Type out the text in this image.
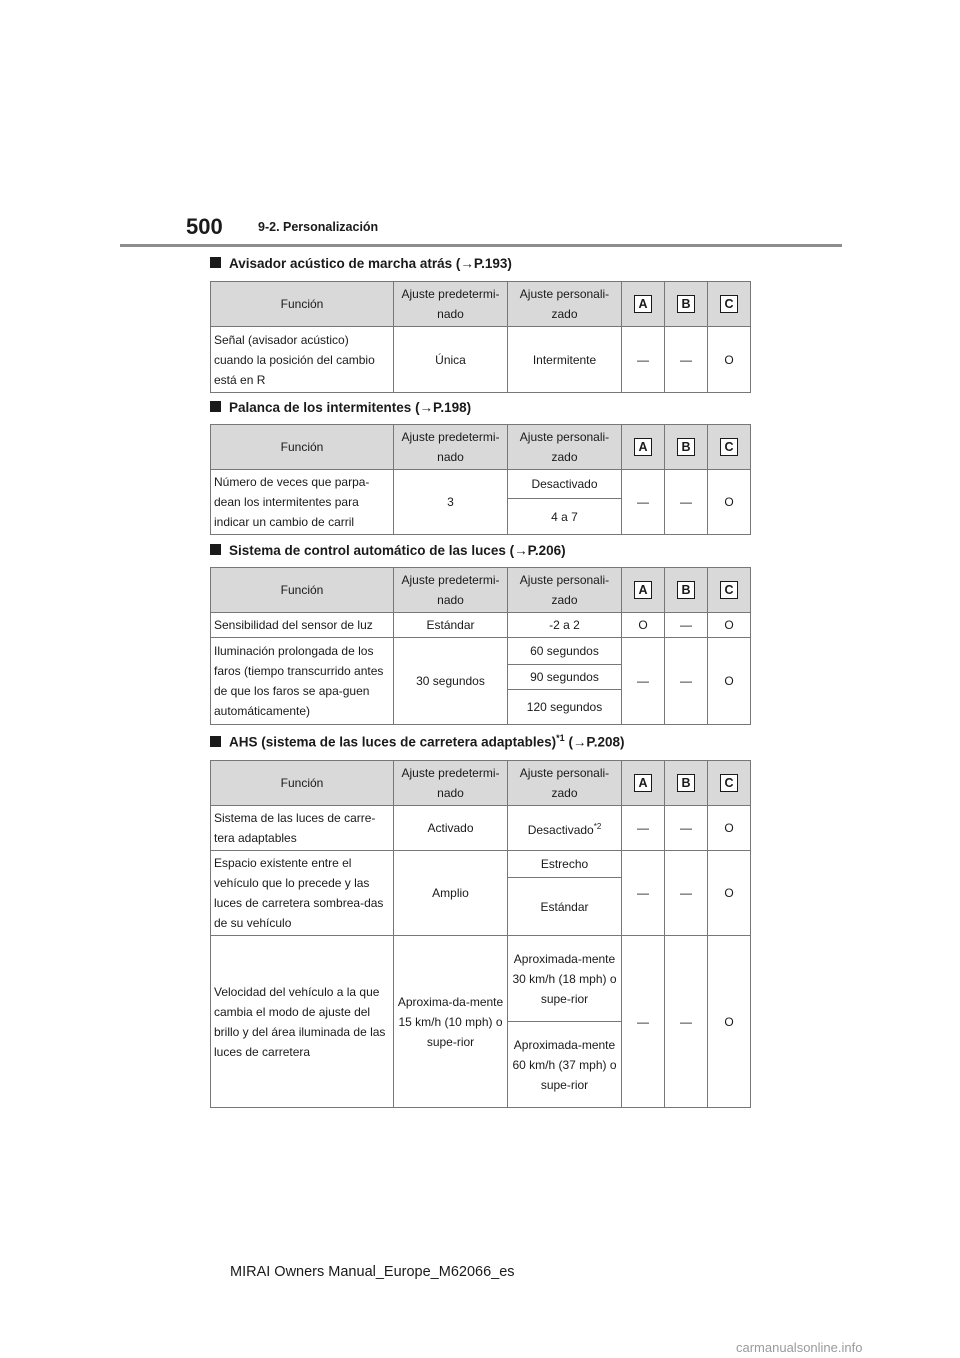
500	9-2. Personalización
Avisador acústico de marcha atrás (→P.193)
Función	Ajuste predetermi-nado	Ajuste personali-zado	A	B	C
Señal (avisador acústico) cuando la posición del cambio está en R	Única	Intermitente	—	—	O
Palanca de los intermitentes (→P.198)
Función	Ajuste predetermi-nado	Ajuste personali-zado	A	B	C
Número de veces que parpa-dean los intermitentes para indicar un cambio de carril	3	Desactivado	—	—	O
		4 a 7			
Sistema de control automático de las luces (→P.206)
Función	Ajuste predetermi-nado	Ajuste personali-zado	A	B	C
Sensibilidad del sensor de luz	Estándar	-2 a 2	O	—	O
Iluminación prolongada de los faros (tiempo transcurrido antes de que los faros se apa-guen automáticamente)	30 segundos	60 segundos	—	—	O
		90 segundos			
		120 segundos			
AHS (sistema de las luces de carretera adaptables)$^{*1}$ (→P.208)
Función	Ajuste predetermi-nado	Ajuste personali-zado	A	B	C
Sistema de las luces de carre-tera adaptables	Activado	Desactivado$^{*2}$	—	—	O
Espacio existente entre el vehículo que lo precede y las luces de carretera sombrea-das de su vehículo	Amplio	Estrecho	—	—	O
		Estándar			
Velocidad del vehículo a la que cambia el modo de ajuste del brillo y del área iluminada de las luces de carretera	Aproxima-da-mente 15 km/h (10 mph) o supe-rior	Aproximada-mente 30 km/h (18 mph) o supe-rior	—	—	O
		Aproximada-mente 60 km/h (37 mph) o supe-rior			
MIRAI Owners Manual_Europe_M62066_es
carmanualsonline.info
